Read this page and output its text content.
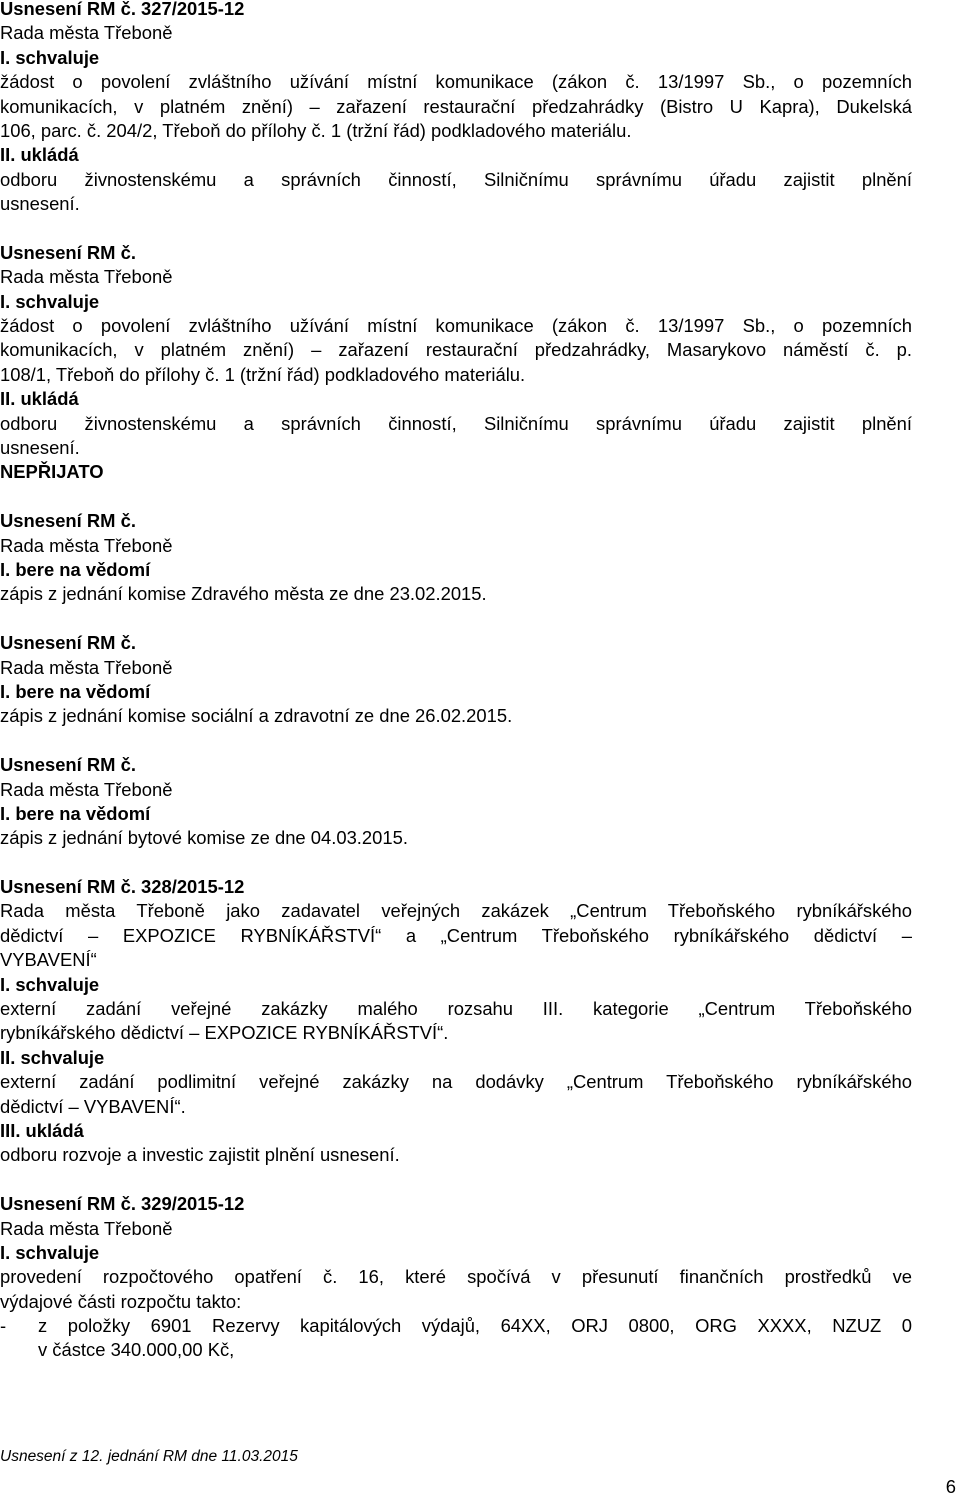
Usnesení RM č. 327/2015-12
Rada města Třeboně
I. schvaluje
žádost o povolení zvláštního užívání místní komunikace (zákon č. 13/1997 Sb., o pozemních
komunikacích, v platném znění) – zařazení restaurační předzahrádky (Bistro U Kapra), Dukelská
106, parc. č. 204/2, Třeboň do přílohy č. 1 (tržní řád) podkladového materiálu.
II. ukládá
odboru živnostenskému a správních činností, Silničnímu správnímu úřadu zajistit plnění
usnesení.
Usnesení RM č.
Rada města Třeboně
I. schvaluje
žádost o povolení zvláštního užívání místní komunikace (zákon č. 13/1997 Sb., o pozemních
komunikacích, v platném znění) – zařazení restaurační předzahrádky, Masarykovo náměstí č. p.
108/1, Třeboň do přílohy č. 1 (tržní řád) podkladového materiálu.
II. ukládá
odboru živnostenskému a správních činností, Silničnímu správnímu úřadu zajistit plnění
usnesení.
NEPŘIJATO
Usnesení RM č.
Rada města Třeboně
I. bere na vědomí
zápis z jednání komise Zdravého města ze dne 23.02.2015.
Usnesení RM č.
Rada města Třeboně
I. bere na vědomí
zápis z jednání komise sociální a zdravotní ze dne 26.02.2015.
Usnesení RM č.
Rada města Třeboně
I. bere na vědomí
zápis z jednání bytové komise ze dne 04.03.2015.
Usnesení RM č. 328/2015-12
Rada města Třeboně jako zadavatel veřejných zakázek „Centrum Třeboňského rybníkářského
dědictví – EXPOZICE RYBNÍKÁŘSTVÍ“ a „Centrum Třeboňského rybníkářského dědictví –
VYBAVENÍ“
I. schvaluje
externí zadání veřejné zakázky malého rozsahu III. kategorie „Centrum Třeboňského
rybníkářského dědictví – EXPOZICE RYBNÍKÁŘSTVÍ“.
II. schvaluje
externí zadání podlimitní veřejné zakázky na dodávky „Centrum Třeboňského rybníkářského
dědictví – VYBAVENÍ“.
III. ukládá
odboru rozvoje a investic zajistit plnění usnesení.
Usnesení RM č. 329/2015-12
Rada města Třeboně
I. schvaluje
provedení rozpočtového opatření č. 16, které spočívá v přesunutí finančních prostředků ve
výdajové části rozpočtu takto:
- z položky 6901 Rezervy kapitálových výdajů, 64XX, ORJ 0800, ORG XXXX, NZUZ 0
v částce 340.000,00 Kč,
Usnesení z 12. jednání RM dne 11.03.2015
6
